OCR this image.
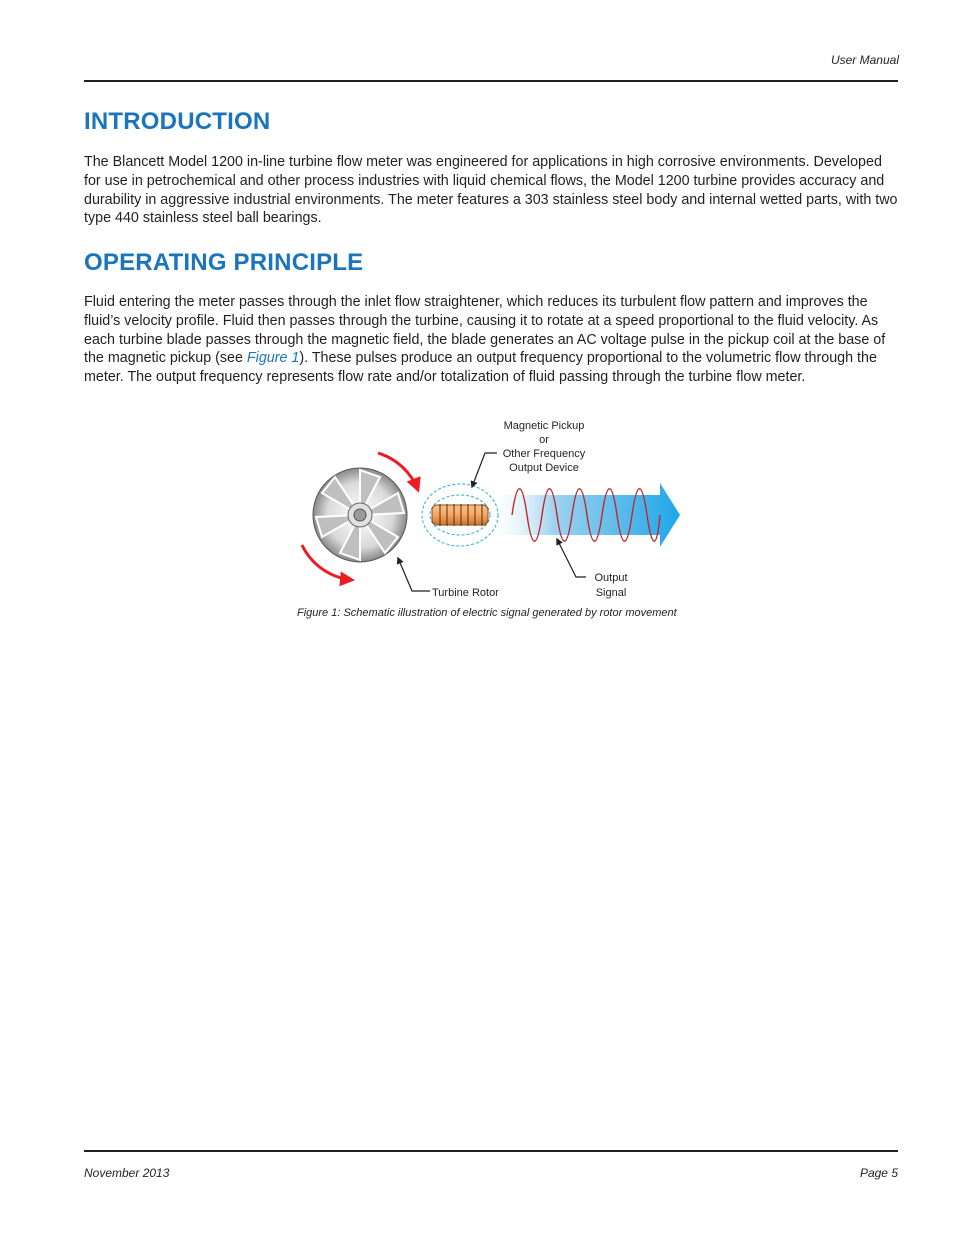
User Manual
INTRODUCTION

The Blancett Model 1200 in-line turbine flow meter was engineered for applications in high corrosive environments. Developed for use in petrochemical and other process industries with liquid chemical flows, the Model 1200 turbine provides accuracy and durability in aggressive industrial environments. The meter features a 303 stainless steel body and internal wetted parts, with two type 440 stainless steel ball bearings.

OPERATING PRINCIPLE

Fluid entering the meter passes through the inlet flow straightener, which reduces its turbulent flow pattern and improves the fluid’s velocity profile. Fluid then passes through the turbine, causing it to rotate at a speed proportional to the fluid velocity. As each turbine blade passes through the magnetic field, the blade generates an AC voltage pulse in the pickup coil at the base of the magnetic pickup (see Figure 1). These pulses produce an output frequency proportional to the volumetric flow through the meter. The output frequency represents flow rate and/or totalization of fluid passing through the turbine flow meter.

Magnetic Pickup
or
Other Frequency
Output Device
Turbine Rotor
Output
Signal
Figure 1: Schematic illustration of electric signal generated by rotor movement
November 2013	Page 5
